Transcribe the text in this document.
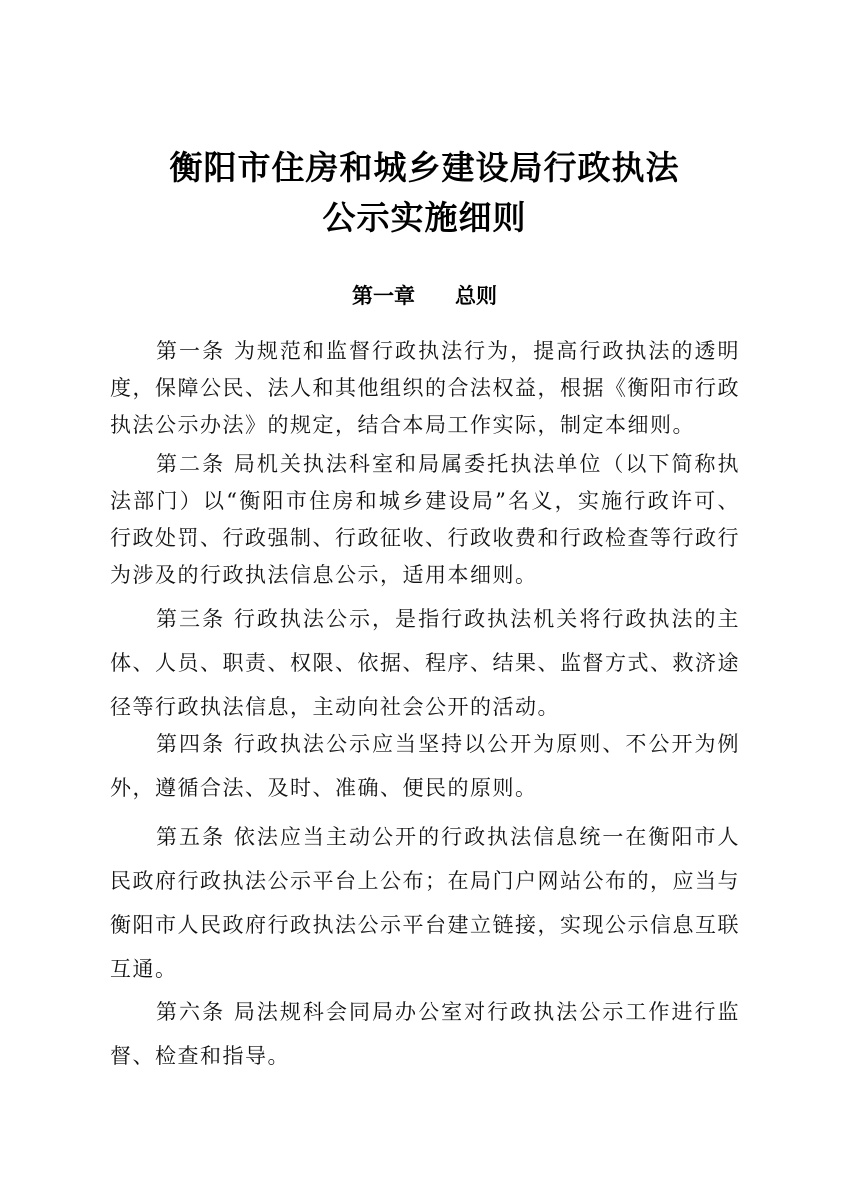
衡阳市住房和城乡建设局行政执法
公示实施细则
第一章 总则

第一条 为规范和监督行政执法行为，提高行政执法的透明度，保障公民、法人和其他组织的合法权益，根据《衡阳市行政执法公示办法》的规定，结合本局工作实际，制定本细则。

第二条 局机关执法科室和局属委托执法单位（以下简称执法部门）以“衡阳市住房和城乡建设局”名义，实施行政许可、行政处罚、行政强制、行政征收、行政收费和行政检查等行政行为涉及的行政执法信息公示，适用本细则。

第三条 行政执法公示，是指行政执法机关将行政执法的主体、人员、职责、权限、依据、程序、结果、监督方式、救济途径等行政执法信息，主动向社会公开的活动。

第四条 行政执法公示应当坚持以公开为原则、不公开为例外，遵循合法、及时、准确、便民的原则。

第五条 依法应当主动公开的行政执法信息统一在衡阳市人民政府行政执法公示平台上公布；在局门户网站公布的，应当与衡阳市人民政府行政执法公示平台建立链接，实现公示信息互联互通。

第六条 局法规科会同局办公室对行政执法公示工作进行监督、检查和指导。
